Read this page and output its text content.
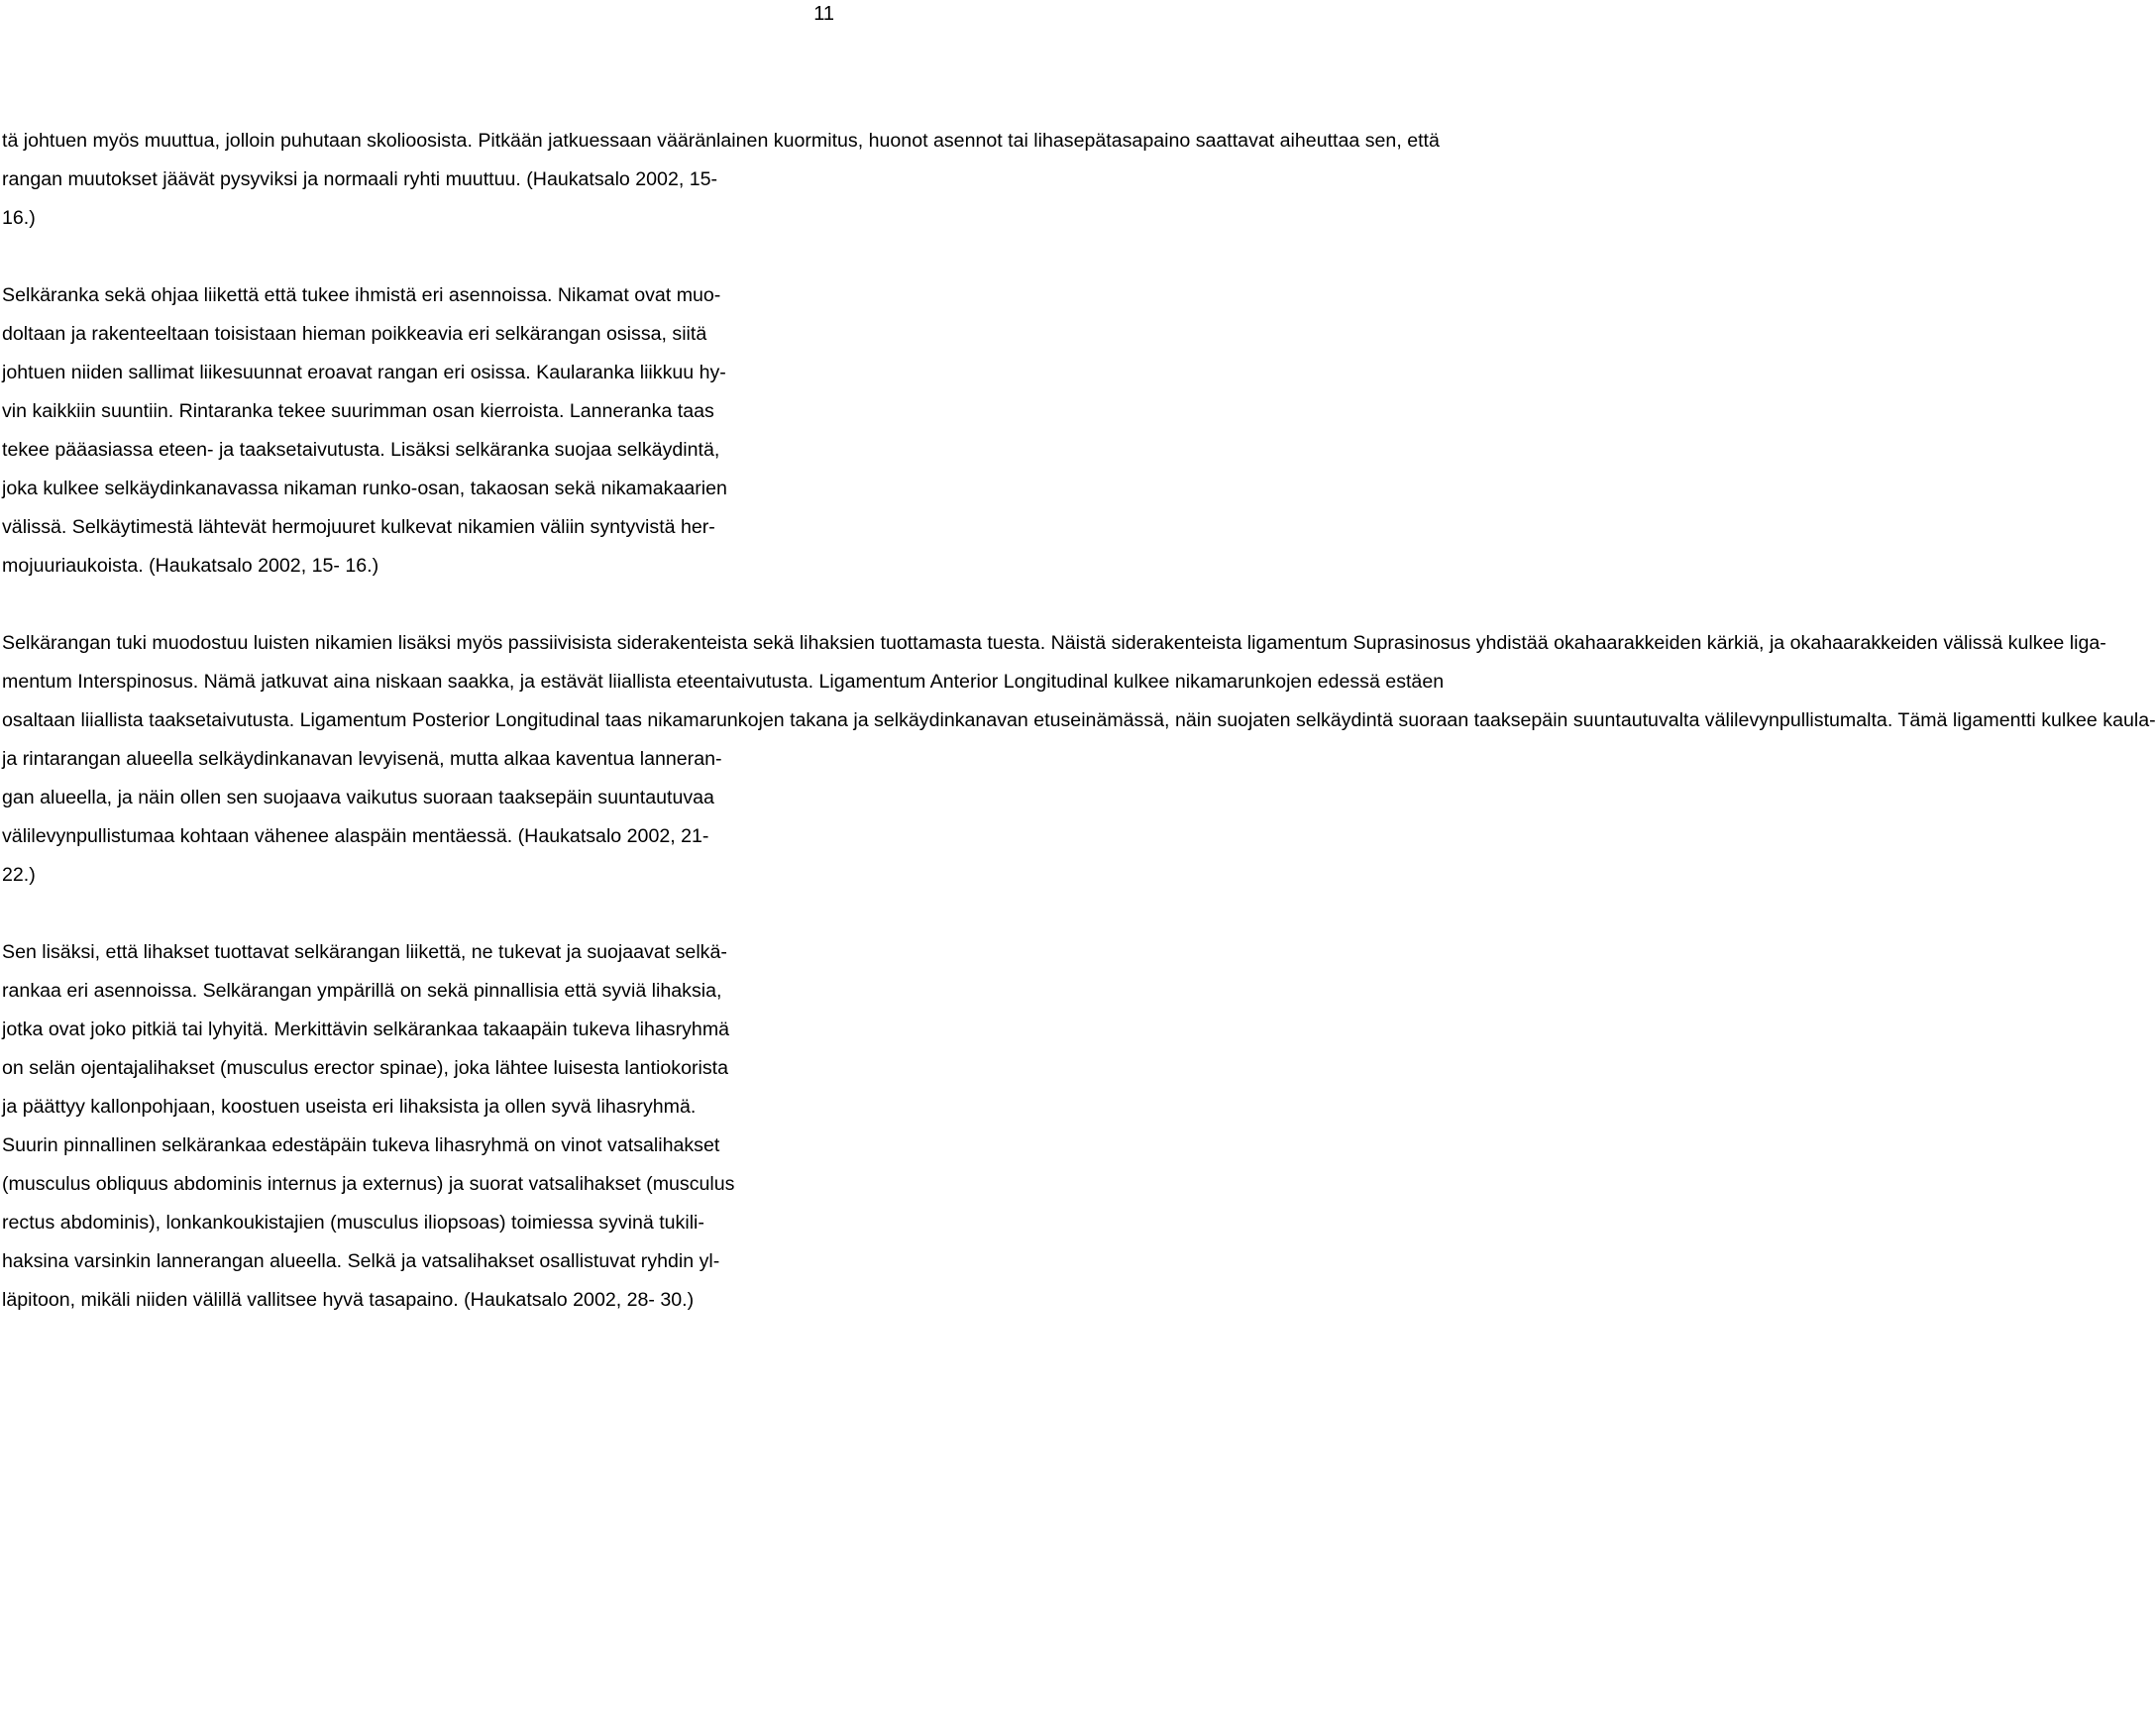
11
tä johtuen myös muuttua, jolloin puhutaan skolioosista. Pitkään jatkuessaan vääränlainen kuormitus, huonot asennot tai lihasepätasapaino saattavat aiheuttaa sen, että
rangan muutokset jäävät pysyviksi ja normaali ryhti muuttuu. (Haukatsalo 2002, 15-
16.)
Selkäranka sekä ohjaa liikettä että tukee ihmistä eri asennoissa. Nikamat ovat muo-
doltaan ja rakenteeltaan toisistaan hieman poikkeavia eri selkärangan osissa, siitä
johtuen niiden sallimat liikesuunnat eroavat rangan eri osissa. Kaularanka liikkuu hy-
vin kaikkiin suuntiin. Rintaranka tekee suurimman osan kierroista. Lanneranka taas
tekee pääasiassa eteen- ja taaksetaivutusta. Lisäksi selkäranka suojaa selkäydintä,
joka kulkee selkäydinkanavassa nikaman runko-osan, takaosan sekä nikamakaarien
välissä. Selkäytimestä lähtevät hermojuuret kulkevat nikamien väliin syntyvistä her-
mojuuriaukoista. (Haukatsalo 2002, 15- 16.)
Selkärangan tuki muodostuu luisten nikamien lisäksi myös passiivisista siderakenteista sekä lihaksien tuottamasta tuesta. Näistä siderakenteista ligamentum Suprasinosus yhdistää okahaarakkeiden kärkiä, ja okahaarakkeiden välissä kulkee liga-
mentum Interspinosus. Nämä jatkuvat aina niskaan saakka, ja estävät liiallista eteentaivutusta. Ligamentum Anterior Longitudinal kulkee nikamarunkojen edessä estäen
osaltaan liiallista taaksetaivutusta. Ligamentum Posterior Longitudinal taas nikamarunkojen takana ja selkäydinkanavan etuseinämässä, näin suojaten selkäydintä suoraan taaksepäin suuntautuvalta välilevynpullistumalta. Tämä ligamentti kulkee kaula-
ja rintarangan alueella selkäydinkanavan levyisenä, mutta alkaa kaventua lanneran-
gan alueella, ja näin ollen sen suojaava vaikutus suoraan taaksepäin suuntautuvaa
välilevynpullistumaa kohtaan vähenee alaspäin mentäessä. (Haukatsalo 2002, 21-
22.)
Sen lisäksi, että lihakset tuottavat selkärangan liikettä, ne tukevat ja suojaavat selkä-
rankaa eri asennoissa. Selkärangan ympärillä on sekä pinnallisia että syviä lihaksia,
jotka ovat joko pitkiä tai lyhyitä. Merkittävin selkärankaa takaapäin tukeva lihasryhmä
on selän ojentajalihakset (musculus erector spinae), joka lähtee luisesta lantiokorista
ja päättyy kallonpohjaan, koostuen useista eri lihaksista ja ollen syvä lihasryhmä.
Suurin pinnallinen selkärankaa edestäpäin tukeva lihasryhmä on vinot vatsalihakset
(musculus obliquus abdominis internus ja externus) ja suorat vatsalihakset (musculus
rectus abdominis), lonkankoukistajien (musculus iliopsoas) toimiessa syvinä tukili-
haksina varsinkin lannerangan alueella. Selkä ja vatsalihakset osallistuvat ryhdin yl-
läpitoon, mikäli niiden välillä vallitsee hyvä tasapaino. (Haukatsalo 2002, 28- 30.)
